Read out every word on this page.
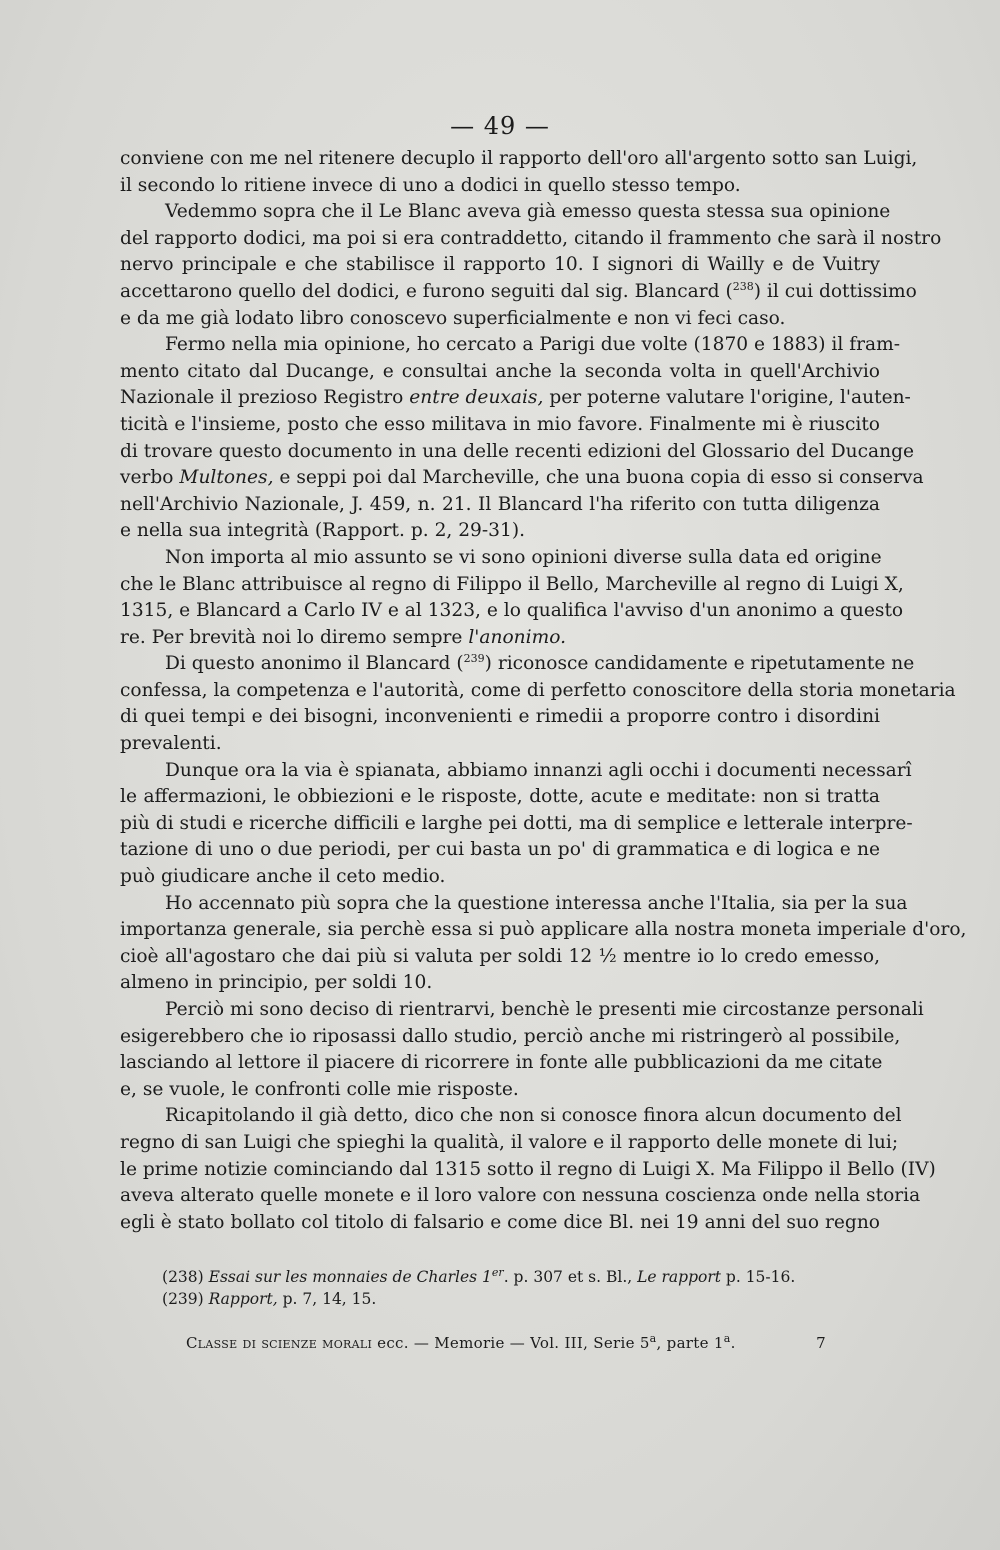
— 49 —
conviene con me nel ritenere decuplo il rapporto dell'oro all'argento sotto san Luigi,
il secondo lo ritiene invece di uno a dodici in quello stesso tempo.
Vedemmo sopra che il Le Blanc aveva già emesso questa stessa sua opinione
del rapporto dodici, ma poi si era contraddetto, citando il frammento che sarà il nostro
nervo principale e che stabilisce il rapporto 10. I signori di Wailly e de Vuitry
accettarono quello del dodici, e furono seguiti dal sig. Blancard ($^{238}$) il cui dottissimo
e da me già lodato libro conoscevo superficialmente e non vi feci caso.
Fermo nella mia opinione, ho cercato a Parigi due volte (1870 e 1883) il fram-
mento citato dal Ducange, e consultai anche la seconda volta in quell'Archivio
Nazionale il prezioso Registro entre deuxais, per poterne valutare l'origine, l'auten-
ticità e l'insieme, posto che esso militava in mio favore. Finalmente mi è riuscito
di trovare questo documento in una delle recenti edizioni del Glossario del Ducange
verbo Multones, e seppi poi dal Marcheville, che una buona copia di esso si conserva
nell'Archivio Nazionale, J. 459, n. 21. Il Blancard l'ha riferito con tutta diligenza
e nella sua integrità (Rapport. p. 2, 29-31).
Non importa al mio assunto se vi sono opinioni diverse sulla data ed origine
che le Blanc attribuisce al regno di Filippo il Bello, Marcheville al regno di Luigi X,
1315, e Blancard a Carlo IV e al 1323, e lo qualifica l'avviso d'un anonimo a questo
re. Per brevità noi lo diremo sempre l'anonimo.
Di questo anonimo il Blancard ($^{239}$) riconosce candidamente e ripetutamente ne
confessa, la competenza e l'autorità, come di perfetto conoscitore della storia monetaria
di quei tempi e dei bisogni, inconvenienti e rimedii a proporre contro i disordini
prevalenti.
Dunque ora la via è spianata, abbiamo innanzi agli occhi i documenti necessarî
le affermazioni, le obbiezioni e le risposte, dotte, acute e meditate: non si tratta
più di studi e ricerche difficili e larghe pei dotti, ma di semplice e letterale interpre-
tazione di uno o due periodi, per cui basta un po' di grammatica e di logica e ne
può giudicare anche il ceto medio.
Ho accennato più sopra che la questione interessa anche l'Italia, sia per la sua
importanza generale, sia perchè essa si può applicare alla nostra moneta imperiale d'oro,
cioè all'agostaro che dai più si valuta per soldi 12 ½ mentre io lo credo emesso,
almeno in principio, per soldi 10.
Perciò mi sono deciso di rientrarvi, benchè le presenti mie circostanze personali
esigerebbero che io riposassi dallo studio, perciò anche mi ristringerò al possibile,
lasciando al lettore il piacere di ricorrere in fonte alle pubblicazioni da me citate
e, se vuole, le confronti colle mie risposte.
Ricapitolando il già detto, dico che non si conosce finora alcun documento del
regno di san Luigi che spieghi la qualità, il valore e il rapporto delle monete di lui;
le prime notizie cominciando dal 1315 sotto il regno di Luigi X. Ma Filippo il Bello (IV)
aveva alterato quelle monete e il loro valore con nessuna coscienza onde nella storia
egli è stato bollato col titolo di falsario e come dice Bl. nei 19 anni del suo regno
(238) Essai sur les monnaies de Charles 1er. p. 307 et s. Bl., Le rapport p. 15-16.
(239) Rapport, p. 7, 14, 15.
Classe di scienze morali ecc. — Memorie — Vol. III, Serie 5$^a$, parte 1$^a$.	7
